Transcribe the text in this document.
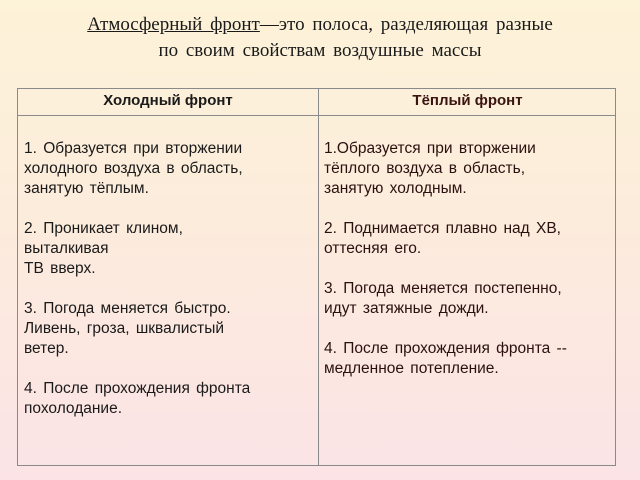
Атмосферный фронт—это полоса, разделяющая разные
по своим свойствам воздушные массы
Холодный фронт	Тёплый фронт

1. Образуется при вторжении
холодного воздуха в область,
занятую тёплым.

2. Проникает клином,
выталкивая
ТВ вверх.

3. Погода меняется быстро.
Ливень, гроза, шквалистый
ветер.

4. После прохождения фронта
похолодание.

1.Образуется при вторжении
тёплого воздуха в область,
занятую холодным.

2. Поднимается плавно над ХВ,
оттесняя его.

3. Погода меняется постепенно,
идут затяжные дожди.

4. После прохождения фронта --
медленное потепление.
